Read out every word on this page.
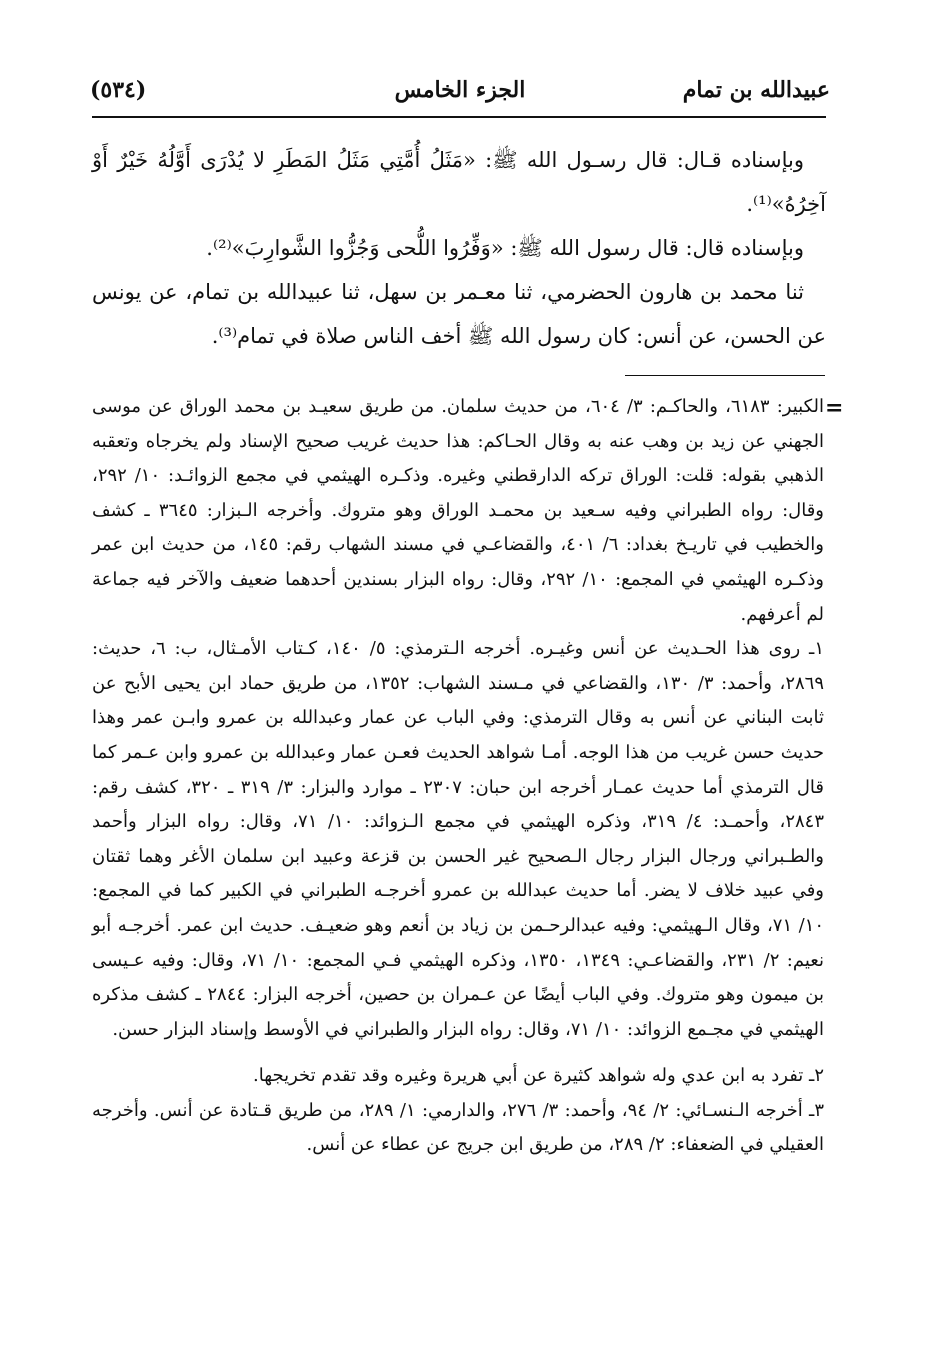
عبيدالله بن تمام
الجزء الخامس
(٥٣٤)

وبإسناده قـال: قال رسـول الله ﷺ: «مَثَلُ أُمَّتِي مَثَلُ المَطَرِ لا يُدْرَى أَوَّلُهُ خَيْرٌ أَوْ آخِرُهُ»⁽¹⁾.

وبإسناده قال: قال رسول الله ﷺ: «وَفِّرُوا اللُّحى وَجُزُّوا الشَّوارِبَ»⁽²⁾.

ثنا محمد بن هارون الحضرمي، ثنا معـمر بن سهل، ثنا عبيدالله بن تمام، عن يونس عن الحسن، عن أنس: كان رسول الله ﷺ أخف الناس صلاة في تمام⁽³⁾.

=

الكبير: ٦١٨٣، والحاكـم: ٣/ ٦٠٤، من حديث سلمان. من طريق سعيـد بن محمد الوراق عن موسى الجهني عن زيد بن وهب عنه به وقال الحـاكم: هذا حديث غريب صحيح الإسناد ولم يخرجاه وتعقبه الذهبي بقوله: قلت: الوراق تركه الدارقطني وغيره. وذكـره الهيثمي في مجمع الزوائـد: ١٠/ ٢٩٢، وقال: رواه الطبراني وفيه سـعيد بن محمـد الوراق وهو متروك. وأخرجه الـبزار: ٣٦٤٥ ـ كشف والخطيب في تاريـخ بغداد: ٦/ ٤٠١، والقضاعـي في مسند الشهاب رقم: ١٤٥، من حديث ابن عمر وذكـره الهيثمي في المجمع: ١٠/ ٢٩٢، وقال: رواه البزار بسندين أحدهما ضعيف والآخر فيه جماعة لم أعرفهم.

١ـ روى هذا الحـديث عن أنس وغيـره. أخرجه الـترمذي: ٥/ ١٤٠، كـتاب الأمـثال، ب: ٦، حديث: ٢٨٦٩، وأحمد: ٣/ ١٣٠، والقضاعي في مـسند الشهاب: ١٣٥٢، من طريق حماد ابن يحيى الأبح عن ثابت البناني عن أنس به وقال الترمذي: وفي الباب عن عمار وعبدالله بن عمرو وابـن عمر وهذا حديث حسن غريب من هذا الوجه. أمـا شواهد الحديث فعـن عمار وعبدالله بن عمرو وابن عـمر كما قال الترمذي أما حديث عمـار أخرجه ابن حبان: ٢٣٠٧ ـ موارد والبزار: ٣/ ٣١٩ ـ ٣٢٠، كشف رقم: ٢٨٤٣، وأحمـد: ٤/ ٣١٩، وذكره الهيثمي في مجمع الـزوائد: ١٠/ ٧١، وقال: رواه البزار وأحمد والطـبراني ورجال البزار رجال الـصحيح غير الحسن بن قزعة وعبيد ابن سلمان الأغر وهما ثقتان وفي عبيد خلاف لا يضر. أما حديث عبدالله بن عمرو أخرجـه الطبراني في الكبير كما في المجمع: ١٠/ ٧١، وقال الـهيثمي: وفيه عبدالرحـمن بن زياد بن أنعم وهو ضعيـف. حديث ابن عمر. أخرجـه أبو نعيم: ٢/ ٢٣١، والقضاعـي: ١٣٤٩، ١٣٥٠، وذكره الهيثمي فـي المجمع: ١٠/ ٧١، وقال: وفيه عـيسى بن ميمون وهو متروك. وفي الباب أيضًا عن عـمران بن حصين، أخرجه البزار: ٢٨٤٤ ـ كشف مذكره الهيثمي في مجـمع الزوائد: ١٠/ ٧١، وقال: رواه البزار والطبراني في الأوسط وإسناد البزار حسن.

٢ـ تفرد به ابن عدي وله شواهد كثيرة عن أبي هريرة وغيره وقد تقدم تخريجها.

٣ـ أخرجه الـنسـائي: ٢/ ٩٤، وأحمد: ٣/ ٢٧٦، والدارمي: ١/ ٢٨٩، من طريق قـتادة عن أنس. وأخرجه العقيلي في الضعفاء: ٢/ ٢٨٩، من طريق ابن جريج عن عطاء عن أنس.
